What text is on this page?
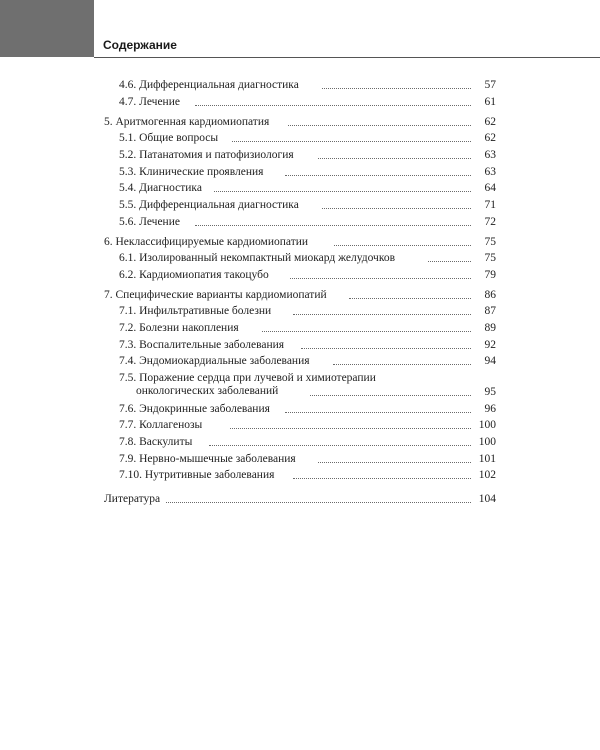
Содержание
4.6. Дифференциальная диагностика	57
4.7. Лечение	61
5. Аритмогенная кардиомиопатия	62
5.1. Общие вопросы	62
5.2. Патанатомия и патофизиология	63
5.3. Клинические проявления	63
5.4. Диагностика	64
5.5. Дифференциальная диагностика	71
5.6. Лечение	72
6. Неклассифицируемые кардиомиопатии	75
6.1. Изолированный некомпактный миокард желудочков	75
6.2. Кардиомиопатия такоцубо	79
7. Специфические варианты кардиомиопатий	86
7.1. Инфильтративные болезни	87
7.2. Болезни накопления	89
7.3. Воспалительные заболевания	92
7.4. Эндомиокардиальные заболевания	94
7.5. Поражение сердца при лучевой и химиотерапии
онкологических заболеваний	95
7.6. Эндокринные заболевания	96
7.7. Коллагенозы	100
7.8. Васкулиты	100
7.9. Нервно-мышечные заболевания	101
7.10. Нутритивные заболевания	102
Литература	104
